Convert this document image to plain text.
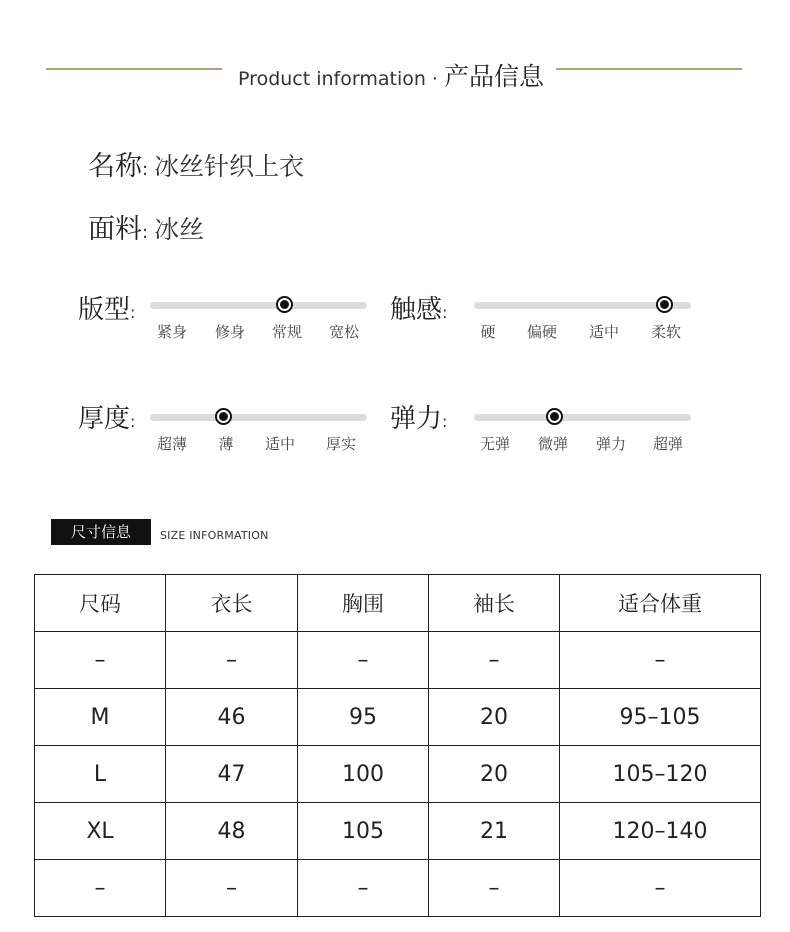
Product information · 产品信息
名称: 冰丝针织上衣
面料: 冰丝
版型:
紧身 修身 常规 宽松
触感:
硬 偏硬 适中 柔软
厚度:
超薄 薄 适中 厚实
弹力:
无弹 微弹 弹力 超弹
尺寸信息	SIZE INFORMATION
尺码	衣长	胸围	袖长	适合体重
–	–	–	–	–
M	46	95	20	95–105
L	47	100	20	105–120
XL	48	105	21	120–140
–	–	–	–	–
